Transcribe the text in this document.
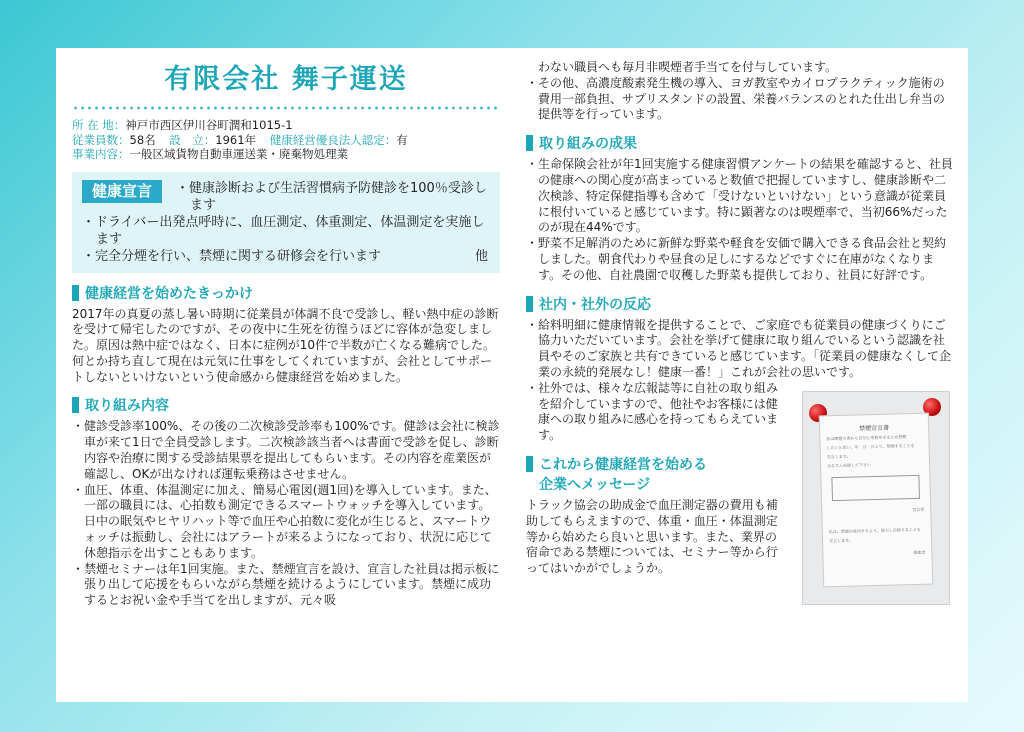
有限会社 舞子運送
所 在 地：神戸市西区伊川谷町潤和1015-1
従業員数：58名 設　立：1961年 健康経営優良法人認定：有
事業内容：一般区域貨物自動車運送業・廃棄物処理業
健康宣言	・健康診断および生活習慣病予防健診を100％受診します
・ドライバー出発点呼時に、血圧測定、体重測定、体温測定を実施します
・完全分煙を行い、禁煙に関する研修会を行います	他
健康経営を始めたきっかけ

2017年の真夏の蒸し暑い時期に従業員が体調不良で受診し、軽い熱中症の診断を受けて帰宅したのですが、その夜中に生死を彷徨うほどに容体が急変しました。原因は熱中症ではなく、日本に症例が10件で半数が亡くなる難病でした。何とか持ち直して現在は元気に仕事をしてくれていますが、会社としてサポートしないといけないという使命感から健康経営を始めました。

取り組み内容
・健診受診率100%、その後の二次検診受診率も100%です。健診は会社に検診車が来て1日で全員受診します。二次検診該当者へは書面で受診を促し、診断内容や治療に関する受診結果票を提出してもらいます。その内容を産業医が確認し、OKが出なければ運転乗務はさせません。
・血圧、体重、体温測定に加え、簡易心電図(週1回)を導入しています。また、一部の職員には、心拍数も測定できるスマートウォッチを導入しています。日中の眠気やヒヤリハット等で血圧や心拍数に変化が生じると、スマートウォッチは振動し、会社にはアラートが来るようになっており、状況に応じて休憩指示を出すこともあります。
・禁煙セミナーは年1回実施。また、禁煙宣言を設け、宣言した社員は掲示板に張り出して応援をもらいながら禁煙を続けるようにしています。禁煙に成功するとお祝い金や手当てを出しますが、元々吸

わない職員へも毎月非喫煙者手当てを付与しています。

・その他、高濃度酸素発生機の導入、ヨガ教室やカイロプラクティック施術の費用一部負担、サプリスタンドの設置、栄養バランスのとれた仕出し弁当の提供等を行っています。
取り組みの成果
・生命保険会社が年1回実施する健康習慣アンケートの結果を確認すると、社員の健康への関心度が高まっていると数値で把握していますし、健康診断や二次検診、特定保健指導も含めて「受けないといけない」という意識が従業員に根付いていると感じています。特に顕著なのは喫煙率で、当初66%だったのが現在44%です。
・野菜不足解消のために新鮮な野菜や軽食を安価で購入できる食品会社と契約しました。朝食代わりや昼食の足しにするなどですぐに在庫がなくなります。その他、自社農園で収穫した野菜も提供しており、社員に好評です。
社内・社外の反応
・給料明細に健康情報を提供することで、ご家庭でも従業員の健康づくりにご協力いただいています。会社を挙げて健康に取り組んでいるという認識を社員やそのご家族と共有できていると感じています。「従業員の健康なくして企業の永続的発展なし！健康一番！」これが会社の思いです。
・社外では、様々な広報誌等に自社の取り組みを紹介していますので、他社やお客様には健康への取り組みに感心を持ってもらえています。
これから健康経営を始める
企業へメッセージ

トラック協会の助成金で血圧測定器の費用も補助してもらえますので、体重・血圧・体温測定等から始めたら良いと思います。また、業界の宿命である禁煙については、セミナー等から行ってはいかがでしょうか。

禁煙宣言書
私は喫煙の害から自分と家族を守るため禁煙
したいと思い、年　月　日より、禁煙することを
宣言します。
みなさん応援して下さい
宣言者
私は、禁煙が成功するよう、協力し応援することを
宣言します。
推進者
